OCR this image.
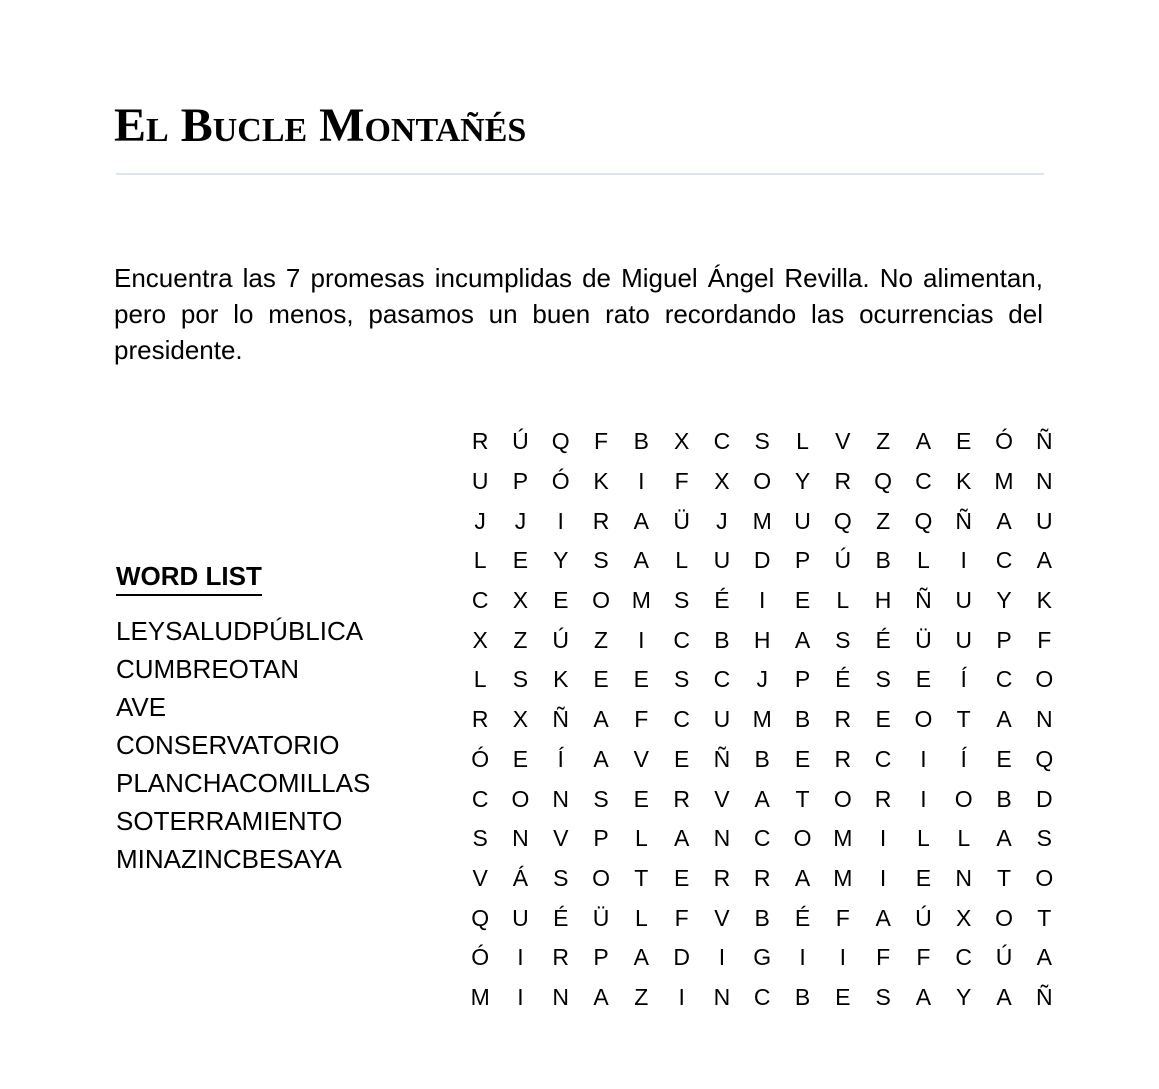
El Bucle Montañés

Encuentra las 7 promesas incumplidas de Miguel Ángel Revilla. No alimentan, pero por lo menos, pasamos un buen rato recordando las ocurrencias del presidente.

WORD LIST
LEYSALUDPÚBLICA
CUMBREOTAN
AVE
CONSERVATORIO
PLANCHACOMILLAS
SOTERRAMIENTO
MINAZINCBESAYA
R	Ú	Q	F	B	X	C	S	L	V	Z	A	E	Ó	Ñ
U	P	Ó	K	I	F	X	O	Y	R	Q	C	K	M N
J	J	I	R	A	Ü	J	M U	Q	Z	Q	Ñ	A	U
L	E	Y	S	A	L	U	D	P	Ú	B	L	I	C	A
C	X	E	O M	S	É	I	E	L	H	Ñ	U	Y	K
X	Z	Ú	Z	I	C	B	H	A	S	É	Ü	U	P	F
L	S	K	E	E	S	C	J	P	É	S	E	Í	C	O
R	X	Ñ	A	F	C	U M	B	R	E	O	T	A	N
Ó	E	Í	A	V	E	Ñ	B	E	R	C	I	Í	E	Q
C	O	N	S	E	R	V	A	T	O	R	I	O	B	D
S	N	V	P	L	A	N	C	O M	I	L	L	A	S
V	Á	S	O	T	E	R	R	A	M	I	E	N	T	O
Q	U	É	Ü	L	F	V	B	É	F	A	Ú	X	O	T
Ó	I	R	P	A	D	I	G	I	I	F	F	C	Ú	A
M	I	N	A	Z	I	N	C	B	E	S	A	Y	A	Ñ
